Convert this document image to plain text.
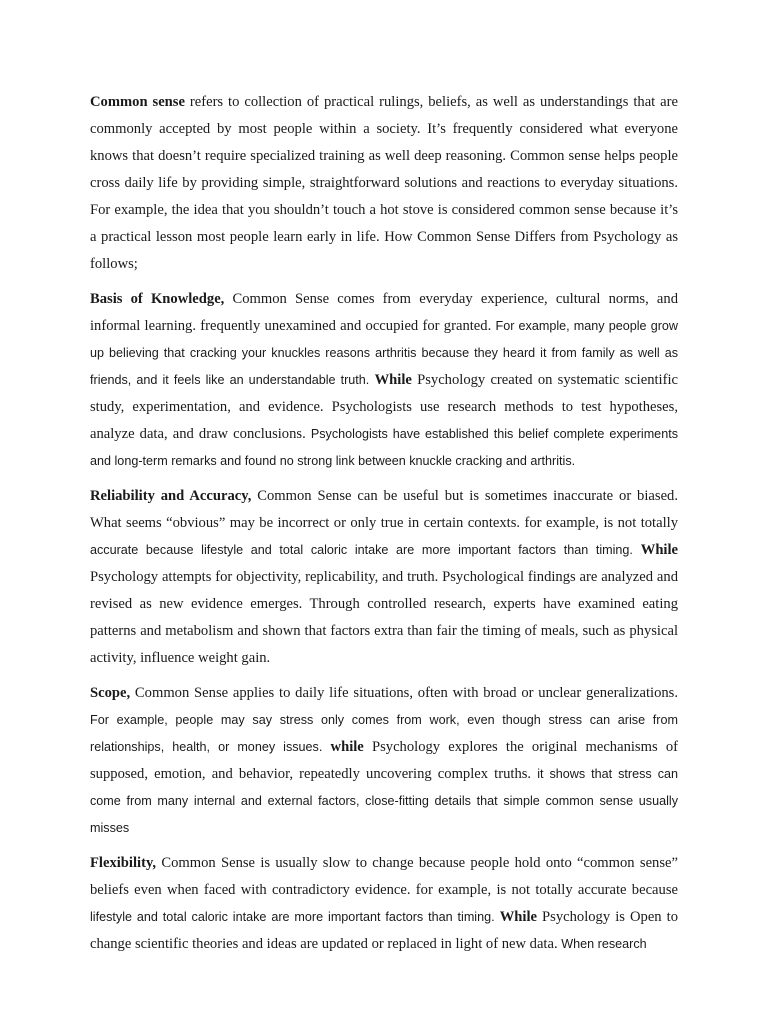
Common sense refers to collection of practical rulings, beliefs, as well as understandings that are commonly accepted by most people within a society. It’s frequently considered what everyone knows that doesn’t require specialized training as well deep reasoning. Common sense helps people cross daily life by providing simple, straightforward solutions and reactions to everyday situations. For example, the idea that you shouldn’t touch a hot stove is considered common sense because it’s a practical lesson most people learn early in life. How Common Sense Differs from Psychology as follows;

Basis of Knowledge, Common Sense comes from everyday experience, cultural norms, and informal learning. frequently unexamined and occupied for granted. For example, many people grow up believing that cracking your knuckles reasons arthritis because they heard it from family as well as friends, and it feels like an understandable truth. While Psychology created on systematic scientific study, experimentation, and evidence. Psychologists use research methods to test hypotheses, analyze data, and draw conclusions. Psychologists have established this belief complete experiments and long-term remarks and found no strong link between knuckle cracking and arthritis.

Reliability and Accuracy, Common Sense can be useful but is sometimes inaccurate or biased. What seems “obvious” may be incorrect or only true in certain contexts. for example, is not totally accurate because lifestyle and total caloric intake are more important factors than timing. While Psychology attempts for objectivity, replicability, and truth. Psychological findings are analyzed and revised as new evidence emerges. Through controlled research, experts have examined eating patterns and metabolism and shown that factors extra than fair the timing of meals, such as physical activity, influence weight gain.

Scope, Common Sense applies to daily life situations, often with broad or unclear generalizations. For example, people may say stress only comes from work, even though stress can arise from relationships, health, or money issues. while Psychology explores the original mechanisms of supposed, emotion, and behavior, repeatedly uncovering complex truths. it shows that stress can come from many internal and external factors, close-fitting details that simple common sense usually misses

Flexibility, Common Sense is usually slow to change because people hold onto “common sense” beliefs even when faced with contradictory evidence. for example, is not totally accurate because lifestyle and total caloric intake are more important factors than timing. While Psychology is Open to change scientific theories and ideas are updated or replaced in light of new data. When research
